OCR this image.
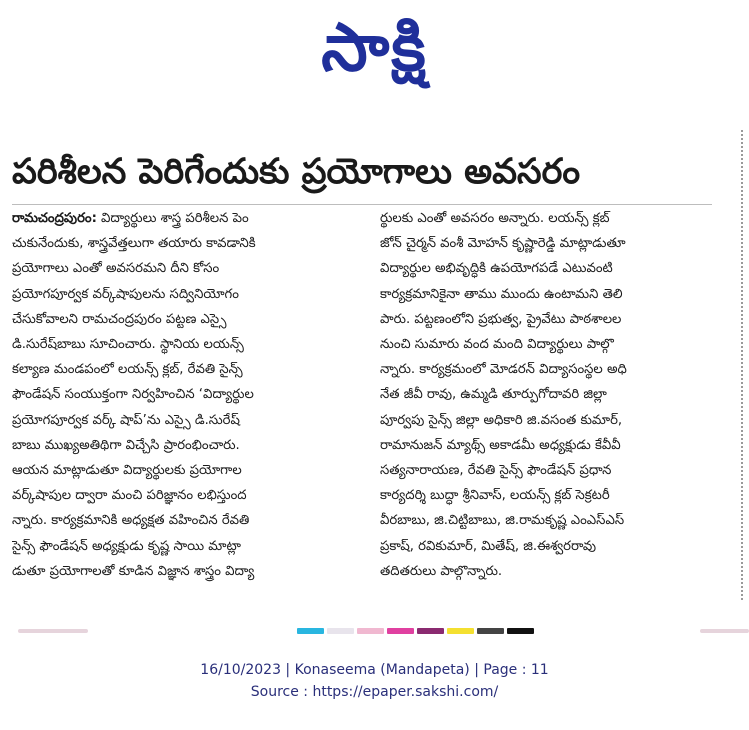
సాక్షి
పరిశీలన పెరిగేందుకు ప్రయోగాలు అవసరం
రామచంద్రపురం: విద్యార్థులు శాస్త్ర పరిశీలన పెం
చుకునేందుకు, శాస్త్రవేత్తలుగా తయారు కావడానికి
ప్రయోగాలు ఎంతో అవసరమని దీని కోసం
ప్రయోగపూర్వక వర్క్‌షాపులను సద్వినియోగం
చేసుకోవాలని రామచంద్రపురం పట్టణ ఎస్సై
డి.సురేష్‌బాబు సూచించారు. స్థానియ లయన్స్
కల్యాణ మండపంలో లయన్స్ క్లబ్, రేవతి సైన్స్
ఫౌండేషన్ సంయుక్తంగా నిర్వహించిన ‘విద్యార్థుల
ప్రయోగపూర్వక వర్క్ షాప్’ను ఎస్సై డి.సురేష్
బాబు ముఖ్యఅతిథిగా విచ్చేసి ప్రారంభించారు.
ఆయన మాట్లాడుతూ విద్యార్థులకు ప్రయోగాల
వర్క్‌షాపుల ద్వారా మంచి పరిజ్ఞానం లభిస్తుంద
న్నారు. కార్యక్రమానికి అధ్యక్షత వహించిన రేవతి
సైన్స్ ఫౌండేషన్ అధ్యక్షుడు కృష్ణ సాయి మాట్లా
డుతూ ప్రయోగాలతో కూడిన విజ్ఞాన శాస్త్రం విద్యా
ర్థులకు ఎంతో అవసరం అన్నారు. లయన్స్ క్లబ్
జోన్ చైర్మన్ వంశీ మోహన్ కృష్ణారెడ్డి మాట్లాడుతూ
విద్యార్థుల అభివృద్ధికి ఉపయోగపడే ఎటువంటి
కార్యక్రమానికైనా తాము ముందు ఉంటామని తెలి
పారు. పట్టణంలోని ప్రభుత్వ, ప్రైవేటు పాఠశాలల
నుంచి సుమారు వంద మంది విద్యార్థులు పాల్గొ
న్నారు. కార్యక్రమంలో మోడరన్ విద్యాసంస్థల అధి
నేత జీవీ రావు, ఉమ్మడి తూర్పుగోదావరి జిల్లా
పూర్వపు సైన్స్ జిల్లా అధికారి జి.వసంత కుమార్,
రామానుజన్ మ్యాథ్స్ అకాడమీ అధ్యక్షుడు కేవీవీ
సత్యనారాయణ, రేవతి సైన్స్ ఫౌండేషన్ ప్రధాన
కార్యదర్శి బుద్ధా శ్రీనివాస్, లయన్స్ క్లబ్ సెక్రటరీ
వీరబాబు, జి.చిట్టిబాబు, జి.రామకృష్ణ ఎంఎస్ఎస్
ప్రకాష్, రవికుమార్, మితేష్, జి.ఈశ్వరరావు
తదితరులు పాల్గొన్నారు.
16/10/2023 | Konaseema (Mandapeta) | Page : 11
Source : https://epaper.sakshi.com/
